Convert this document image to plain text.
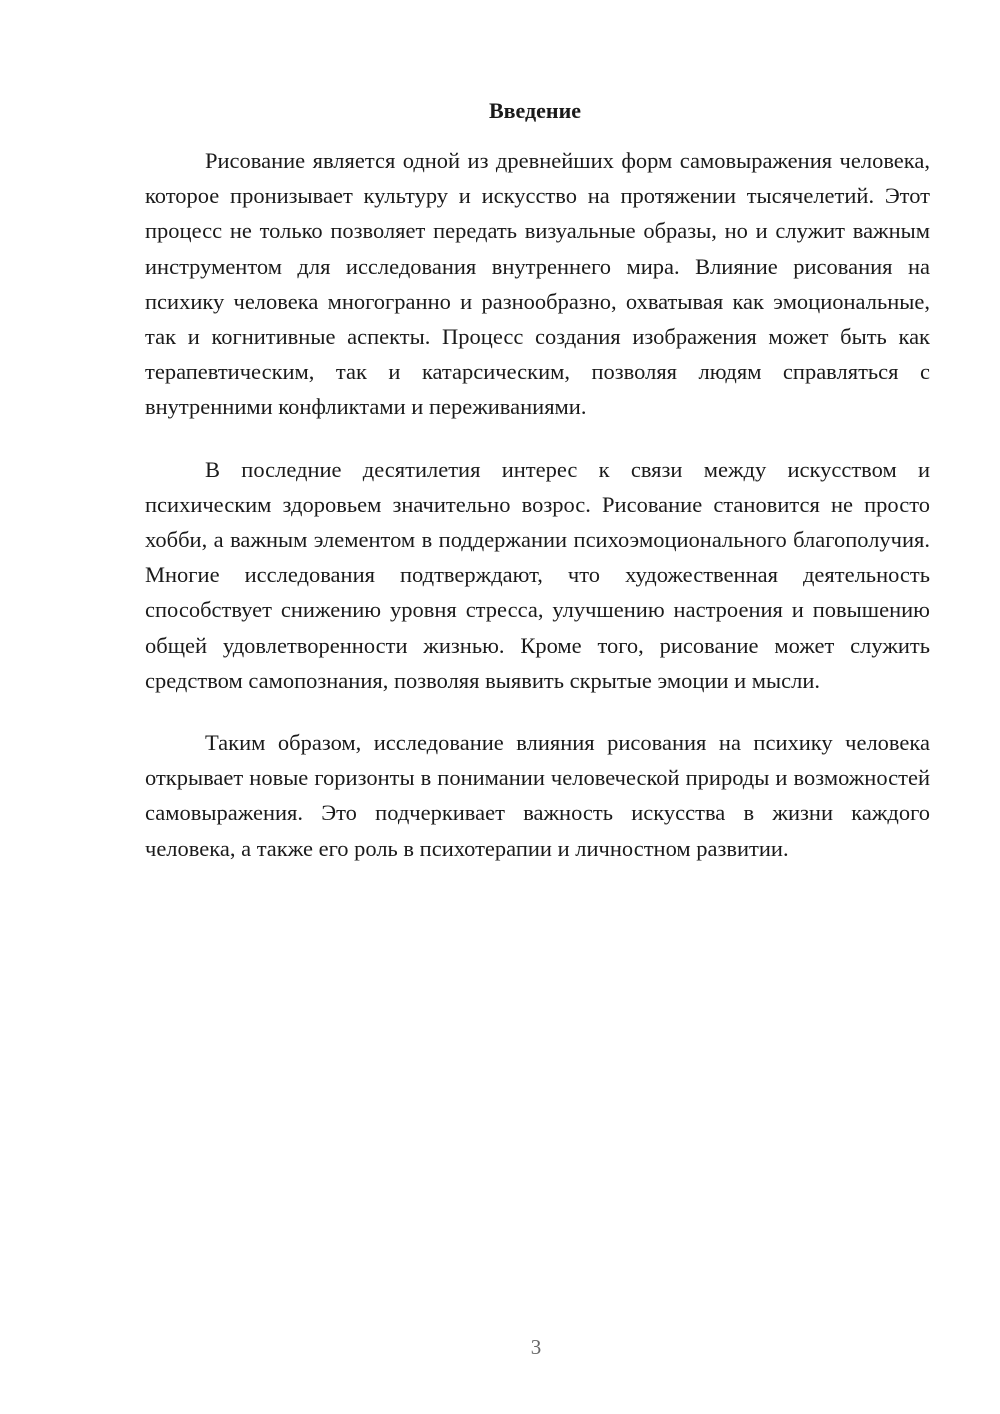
Введение

Рисование является одной из древнейших форм самовыражения человека, которое пронизывает культуру и искусство на протяжении тысячелетий. Этот процесс не только позволяет передать визуальные образы, но и служит важным инструментом для исследования внутреннего мира. Влияние рисования на психику человека многогранно и разнообразно, охватывая как эмоциональные, так и когнитивные аспекты. Процесс создания изображения может быть как терапевтическим, так и катарсическим, позволяя людям справляться с внутренними конфликтами и переживаниями.

В последние десятилетия интерес к связи между искусством и психическим здоровьем значительно возрос. Рисование становится не просто хобби, а важным элементом в поддержании психоэмоционального благополучия. Многие исследования подтверждают, что художественная деятельность способствует снижению уровня стресса, улучшению настроения и повышению общей удовлетворенности жизнью. Кроме того, рисование может служить средством самопознания, позволяя выявить скрытые эмоции и мысли.

Таким образом, исследование влияния рисования на психику человека открывает новые горизонты в понимании человеческой природы и возможностей самовыражения. Это подчеркивает важность искусства в жизни каждого человека, а также его роль в психотерапии и личностном развитии.

3
